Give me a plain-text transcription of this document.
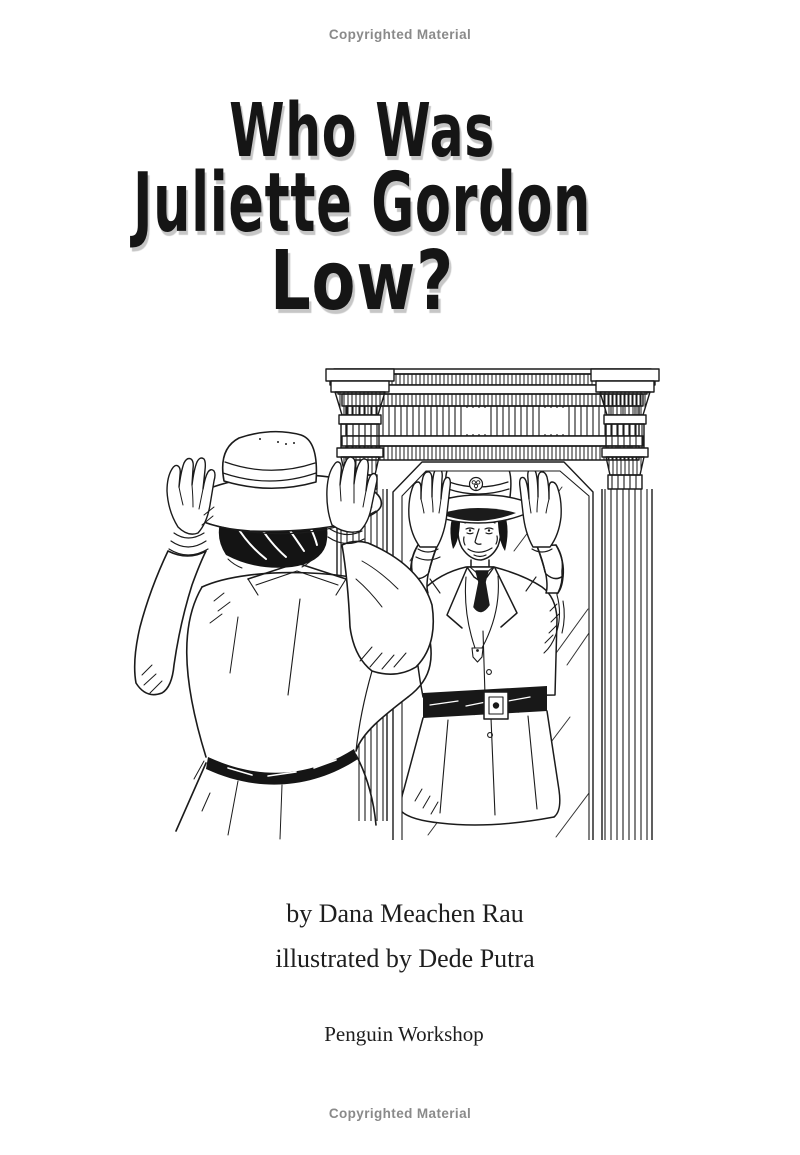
Copyrighted Material
Who Was
Juliette Gordon
Low?
by Dana Meachen Rau
illustrated by Dede Putra
Penguin Workshop
Copyrighted Material
